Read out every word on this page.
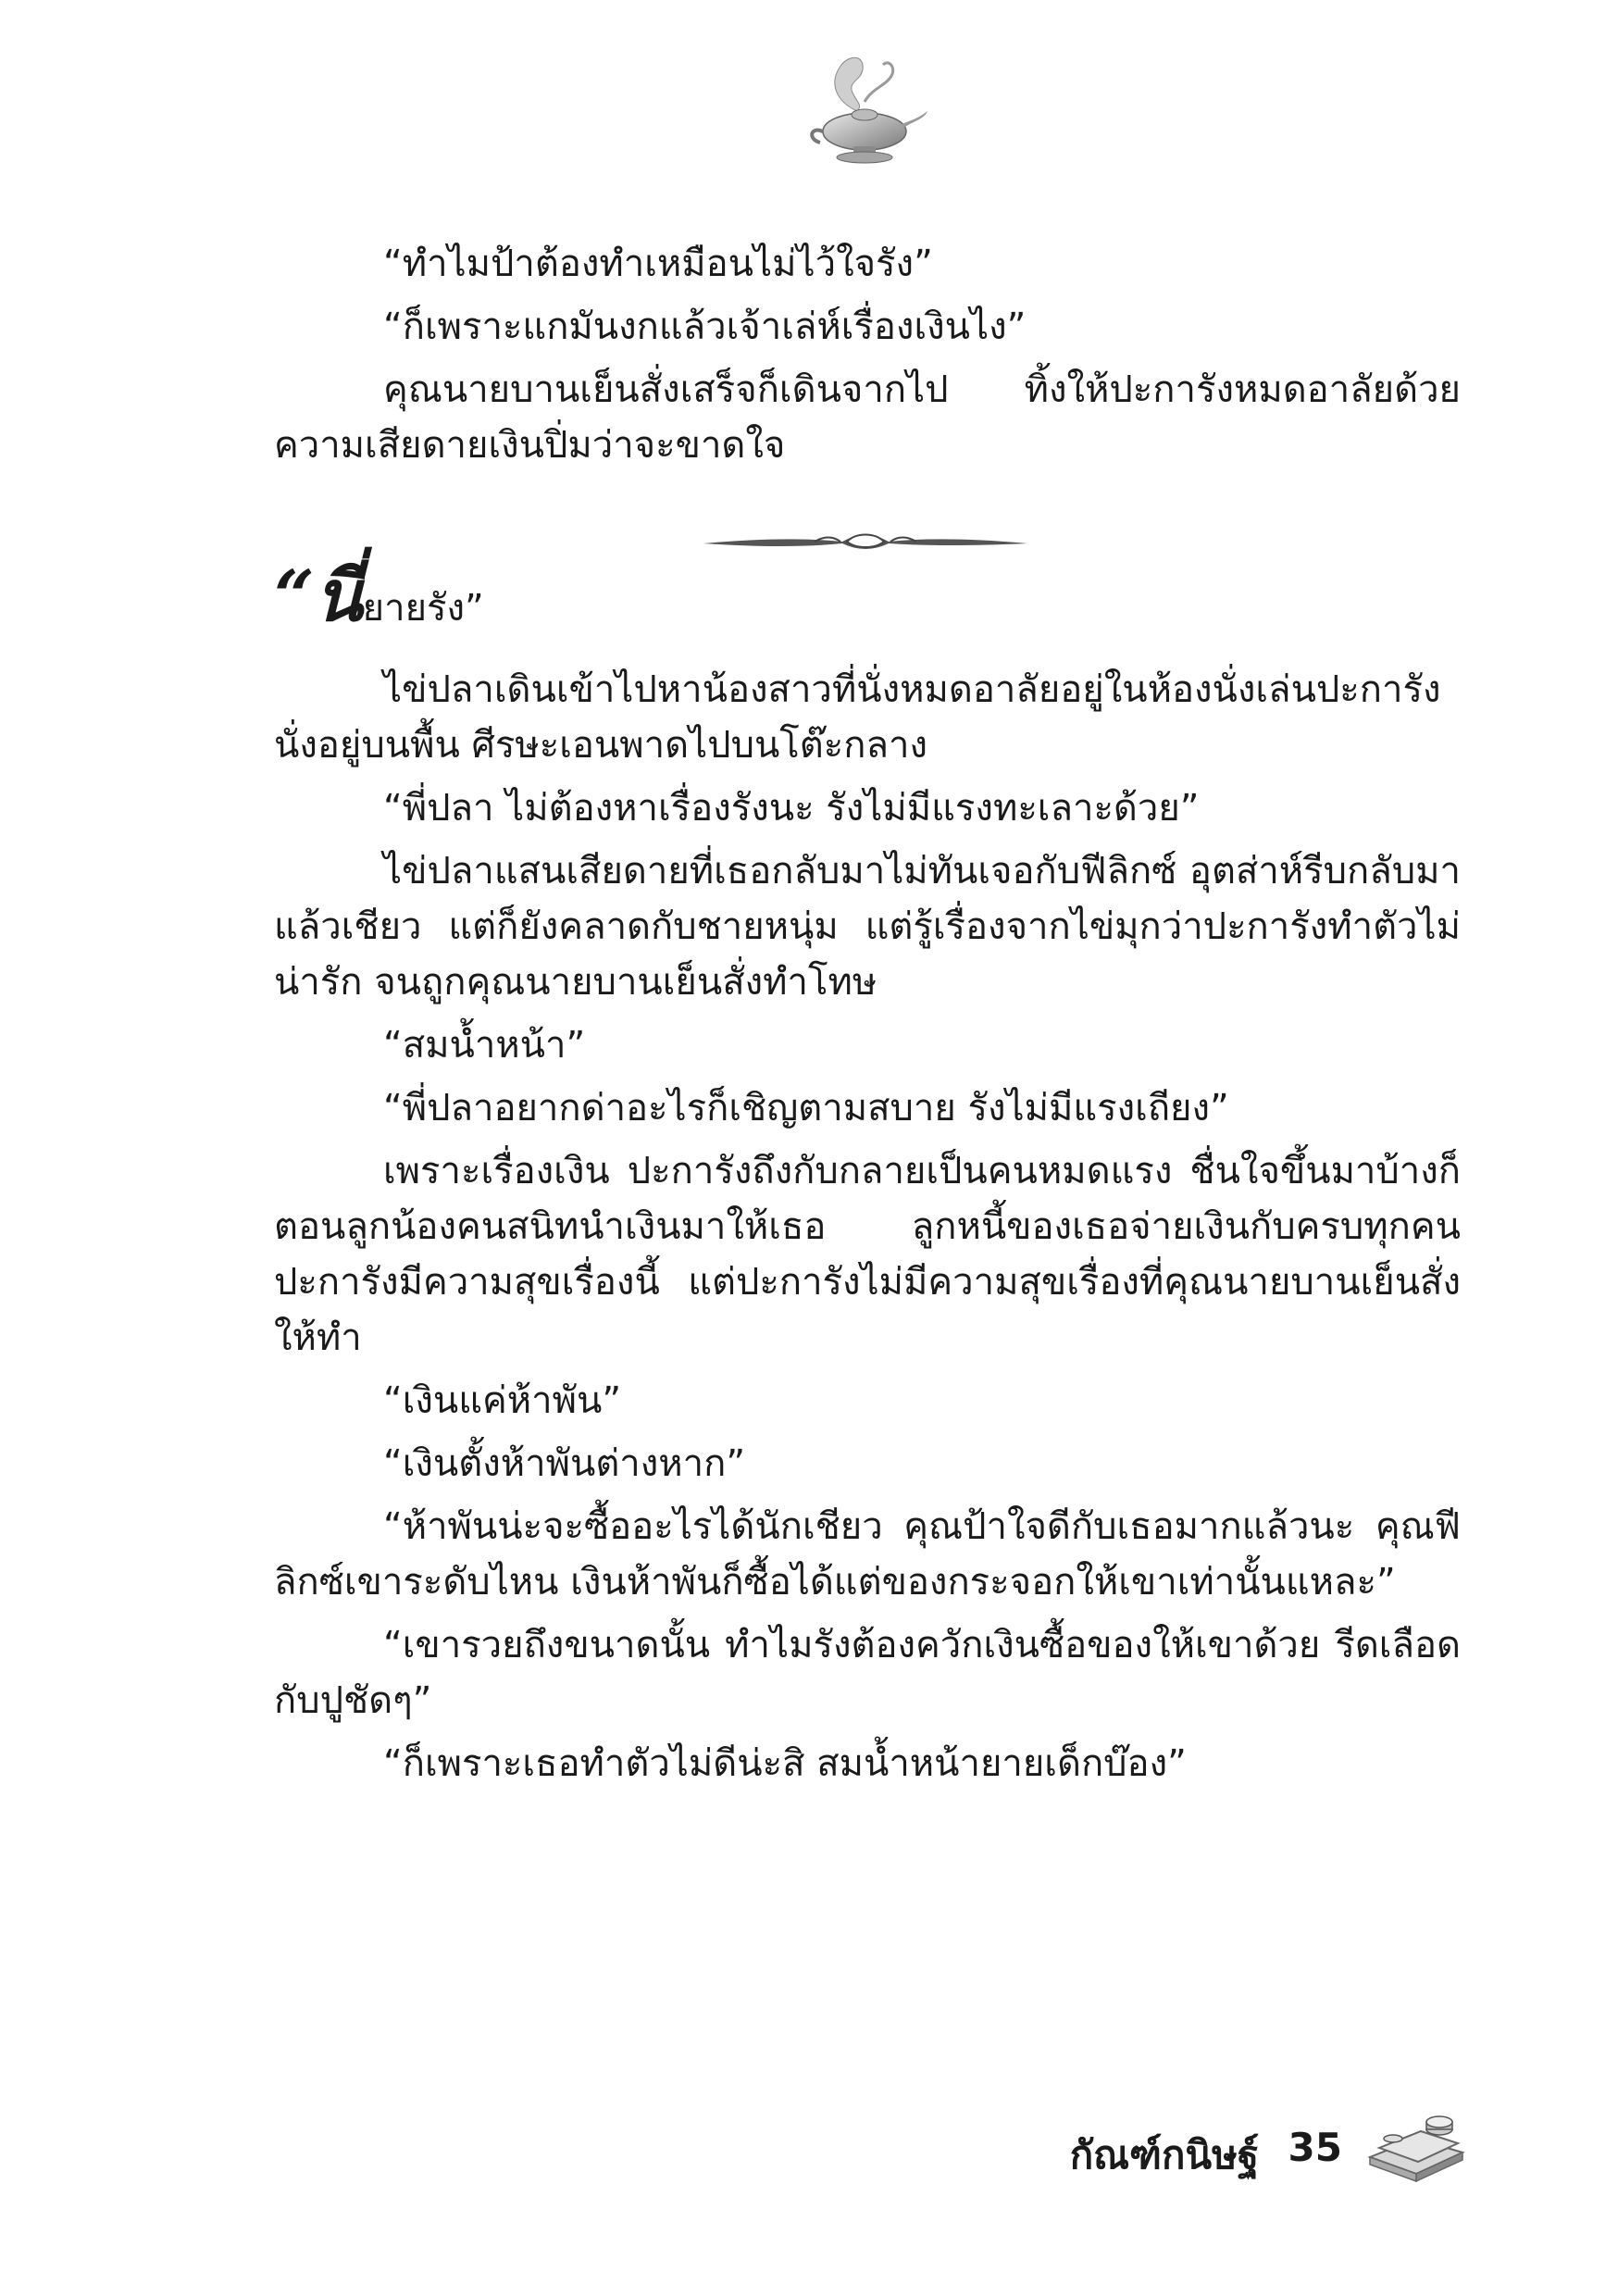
“ทำไมป้าต้องทำเหมือนไม่ไว้ใจรัง”

“ก็เพราะแกมันงกแล้วเจ้าเล่ห์เรื่องเงินไง”

คุณนายบานเย็นสั่งเสร็จก็เดินจากไป ทิ้งให้ปะการังหมดอาลัยด้วยความเสียดายเงินปิ่มว่าจะขาดใจ

“นี่ยายรัง”

ไข่ปลาเดินเข้าไปหาน้องสาวที่นั่งหมดอาลัยอยู่ในห้องนั่งเล่นปะการังนั่งอยู่บนพื้น ศีรษะเอนพาดไปบนโต๊ะกลาง

“พี่ปลา ไม่ต้องหาเรื่องรังนะ รังไม่มีแรงทะเลาะด้วย”

ไข่ปลาแสนเสียดายที่เธอกลับมาไม่ทันเจอกับฟีลิกซ์ อุตส่าห์รีบกลับมาแล้วเชียว แต่ก็ยังคลาดกับชายหนุ่ม แต่รู้เรื่องจากไข่มุกว่าปะการังทำตัวไม่น่ารัก จนถูกคุณนายบานเย็นสั่งทำโทษ

“สมน้ำหน้า”

“พี่ปลาอยากด่าอะไรก็เชิญตามสบาย รังไม่มีแรงเถียง”

เพราะเรื่องเงิน ปะการังถึงกับกลายเป็นคนหมดแรง ชื่นใจขึ้นมาบ้างก็ตอนลูกน้องคนสนิทนำเงินมาให้เธอ ลูกหนี้ของเธอจ่ายเงินกับครบทุกคน ปะการังมีความสุขเรื่องนี้ แต่ปะการังไม่มีความสุขเรื่องที่คุณนายบานเย็นสั่งให้ทำ

“เงินแค่ห้าพัน”

“เงินตั้งห้าพันต่างหาก”

“ห้าพันน่ะจะซื้ออะไรได้นักเชียว คุณป้าใจดีกับเธอมากแล้วนะ คุณฟีลิกซ์เขาระดับไหน เงินห้าพันก็ซื้อได้แต่ของกระจอกให้เขาเท่านั้นแหละ”

“เขารวยถึงขนาดนั้น ทำไมรังต้องควักเงินซื้อของให้เขาด้วย รีดเลือดกับปูชัดๆ”

“ก็เพราะเธอทำตัวไม่ดีน่ะสิ สมน้ำหน้ายายเด็กบ๊อง”

กัณฑ์กนิษฐ์ 35
